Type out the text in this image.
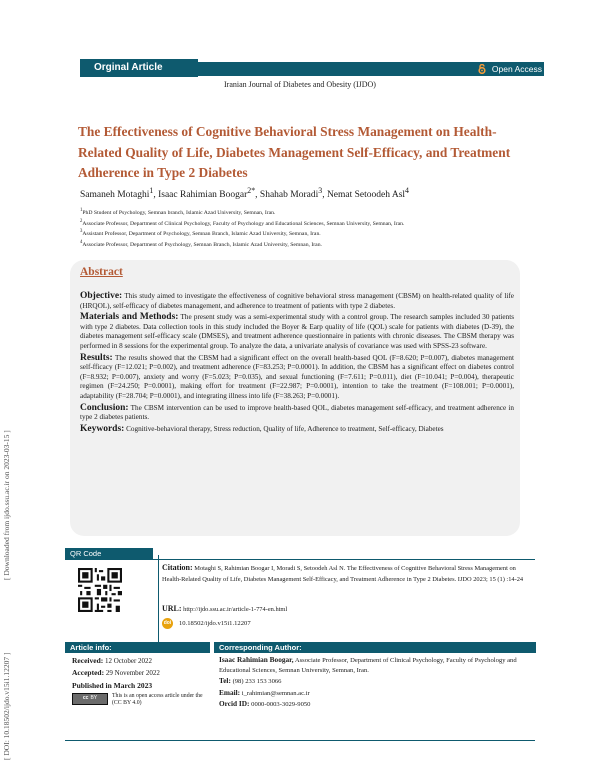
[ DOI: 10.18502/ijdo.v15i1.12207 ]
[ Downloaded from ijdo.ssu.ac.ir on 2023-03-15 ]
Orginal Article	Open Access
Iranian Journal of Diabetes and Obesity (IJDO)
The Effectiveness of Cognitive Behavioral Stress Management on Health-Related Quality of Life, Diabetes Management Self-Efficacy, and Treatment Adherence in Type 2 Diabetes
Samaneh Motaghi$^1$, Isaac Rahimian Boogar$^{2*}$, Shahab Moradi$^3$, Nemat Setoodeh Asl$^4$
$^1$PhD Student of Psychology, Semnan branch, Islamic Azad University, Semnan, Iran.
$^2$Associate Professor, Department of Clinical Psychology, Faculty of Psychology and Educational Sciences, Semnan University, Semnan, Iran.
$^3$Assistant Professor, Department of Psychology, Semnan Branch, Islamic Azad University, Semnan, Iran.
$^4$Associate Professor, Department of Psychology, Semnan Branch, Islamic Azad University, Semnan, Iran.
Abstract

Objective: This study aimed to investigate the effectiveness of cognitive behavioral stress management (CBSM) on health-related quality of life (HRQOL), self-efficacy of diabetes management, and adherence to treatment of patients with type 2 diabetes.

Materials and Methods: The present study was a semi-experimental study with a control group. The research samples included 30 patients with type 2 diabetes. Data collection tools in this study included the Boyer & Earp quality of life (QOL) scale for patients with diabetes (D-39), the diabetes management self-efficacy scale (DMSES), and treatment adherence questionnaire in patients with chronic diseases. The CBSM therapy was performed in 8 sessions for the experimental group. To analyze the data, a univariate analysis of covariance was used with SPSS-23 software.

Results: The results showed that the CBSM had a significant effect on the overall health-based QOL (F=8.620; P=0.007), diabetes management self-fficacy (F=12.021; P=0.002), and treatment adherence (F=83.253; P=0.0001). In addition, the CBSM has a significant effect on diabetes control (F=8.932; P=0.007), anxiety and worry (F=5.023; P=0.035), and sexual functioning (F=7.611; P=0.011), diet (F=10.041; P=0.004), therapeutic regimen (F=24.250; P=0.0001), making effort for treatment (F=22.987; P=0.0001), intention to take the treatment (F=108.001; P=0.0001), adaptability (F=28.704; P=0.0001), and integrating illness into life (F=38.263; P=0.0001).

Conclusion: The CBSM intervention can be used to improve health-based QOL, diabetes management self-efficacy, and treatment adherence in type 2 diabetes patients.

Keywords: Cognitive-behavioral therapy, Stress reduction, Quality of life, Adherence to treatment, Self-efficacy, Diabetes

QR Code
Citation: Motaghi S, Rahimian Boogar I, Moradi S, Setoodeh Asl N. The Effectiveness of Cognitive Behavioral Stress Management on Health-Related Quality of Life, Diabetes Management Self-Efficacy, and Treatment Adherence in Type 2 Diabetes. IJDO 2023; 15 (1) :14-24
URL: http://ijdo.ssu.ac.ir/article-1-774-en.html
doi 10.18502/ijdo.v15i1.12207
Article info:
Received: 12 October 2022
Accepted: 29 November 2022
Published in March 2023
cc BY	This is an open access article under the (CC BY 4.0)
Corresponding Author:
Isaac Rahimian Boogar, Associate Professor, Department of Clinical Psychology, Faculty of Psychology and Educational Sciences, Semnan University, Semnan, Iran.
Tel: (98) 233 153 3066
Email: i_rahimian@semnan.ac.ir
Orcid ID: 0000-0003-3029-9050
